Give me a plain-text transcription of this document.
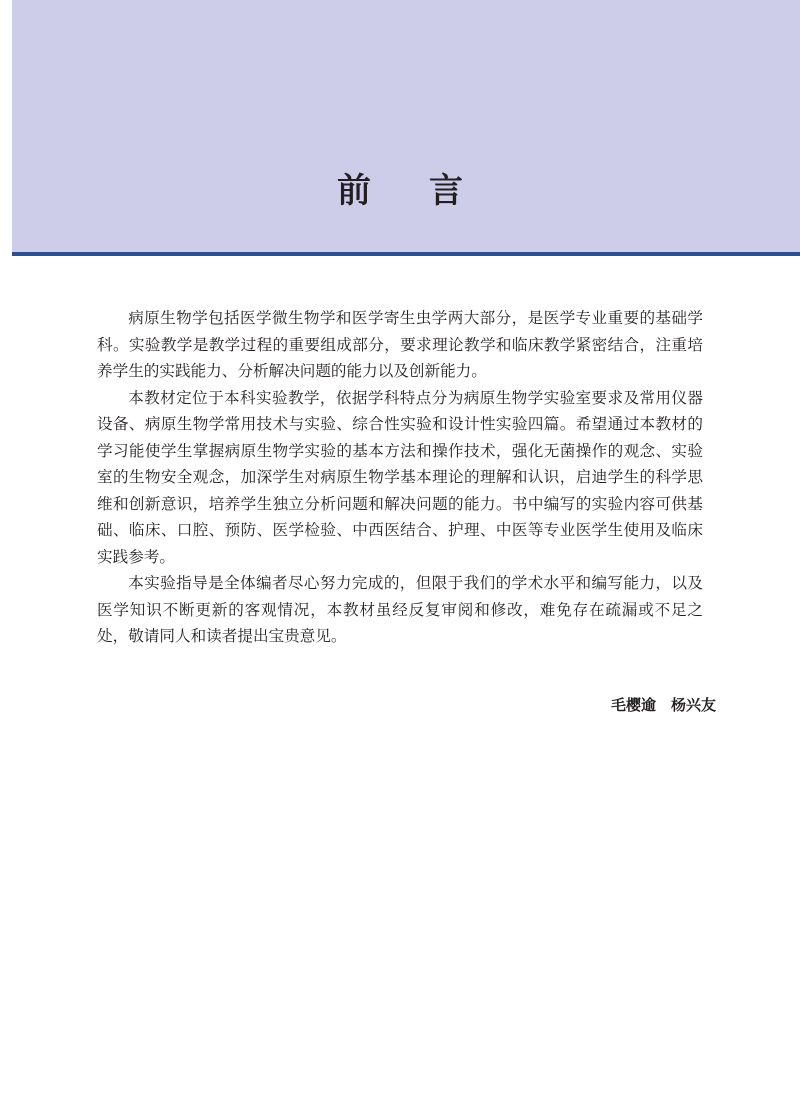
前言

病原生物学包括医学微生物学和医学寄生虫学两大部分，是医学专业重要的基础学科。实验教学是教学过程的重要组成部分，要求理论教学和临床教学紧密结合，注重培养学生的实践能力、分析解决问题的能力以及创新能力。

本教材定位于本科实验教学，依据学科特点分为病原生物学实验室要求及常用仪器设备、病原生物学常用技术与实验、综合性实验和设计性实验四篇。希望通过本教材的学习能使学生掌握病原生物学实验的基本方法和操作技术，强化无菌操作的观念、实验室的生物安全观念，加深学生对病原生物学基本理论的理解和认识，启迪学生的科学思维和创新意识，培养学生独立分析问题和解决问题的能力。书中编写的实验内容可供基础、临床、口腔、预防、医学检验、中西医结合、护理、中医等专业医学生使用及临床实践参考。

本实验指导是全体编者尽心努力完成的，但限于我们的学术水平和编写能力，以及医学知识不断更新的客观情况，本教材虽经反复审阅和修改，难免存在疏漏或不足之处，敬请同人和读者提出宝贵意见。

毛樱逾　杨兴友
